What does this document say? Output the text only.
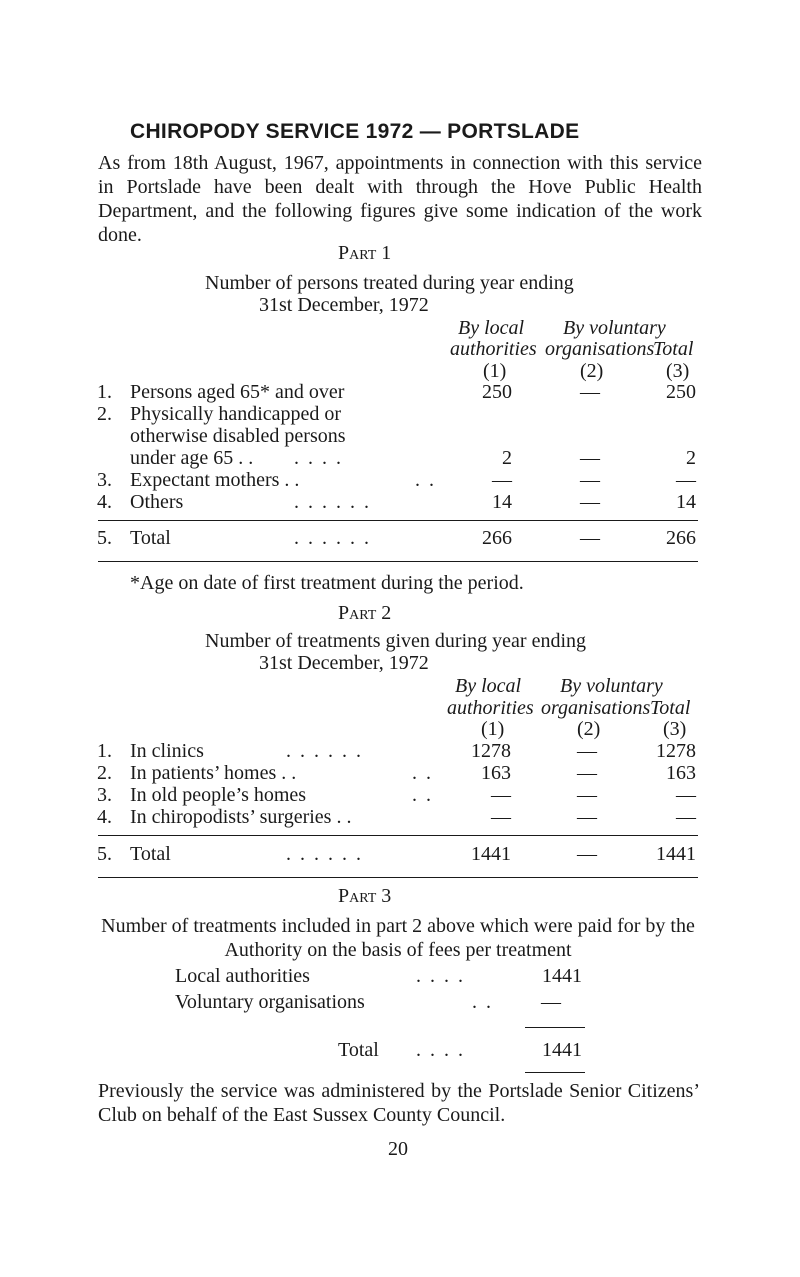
CHIROPODY SERVICE 1972 — PORTSLADE
As from 18th August, 1967, appointments in connection with this service in Portslade have been dealt with through the Hove Public Health Department, and the following figures give some indication of the work done.
Part 1
Number of persons treated during year ending
31st December, 1972
By local
authorities
By voluntary
organisations
Total
(1)	(2)	(3)
1. Persons aged 65* and over	250	—	250
2. Physically handicapped or
otherwise disabled persons
under age 65 . . . . . .	2	—	2
3. Expectant mothers . .	. .	—	—	—
4. Others	. . . . . .	14	—	14
5. Total	. . . . . .	266	—	266
*Age on date of first treatment during the period.
Part 2
Number of treatments given during year ending
31st December, 1972
By local
authorities
By voluntary
organisations Total
(1)	(2)	(3)
1. In clinics	. . . . . .	1278	—	1278
2. In patients’ homes . .	. .	163	—	163
3. In old people’s homes	. .	—	—	—
4. In chiropodists’ surgeries . .	—	—	—
5. Total	. . . . . .	1441	—	1441
Part 3
Number of treatments included in part 2 above which were paid for by the Authority on the basis of fees per treatment
Local authorities	. . . .	1441
Voluntary organisations	. .	—
Total . . . .	1441
Previously the service was administered by the Portslade Senior Citizens’ Club on behalf of the East Sussex County Council.
20
